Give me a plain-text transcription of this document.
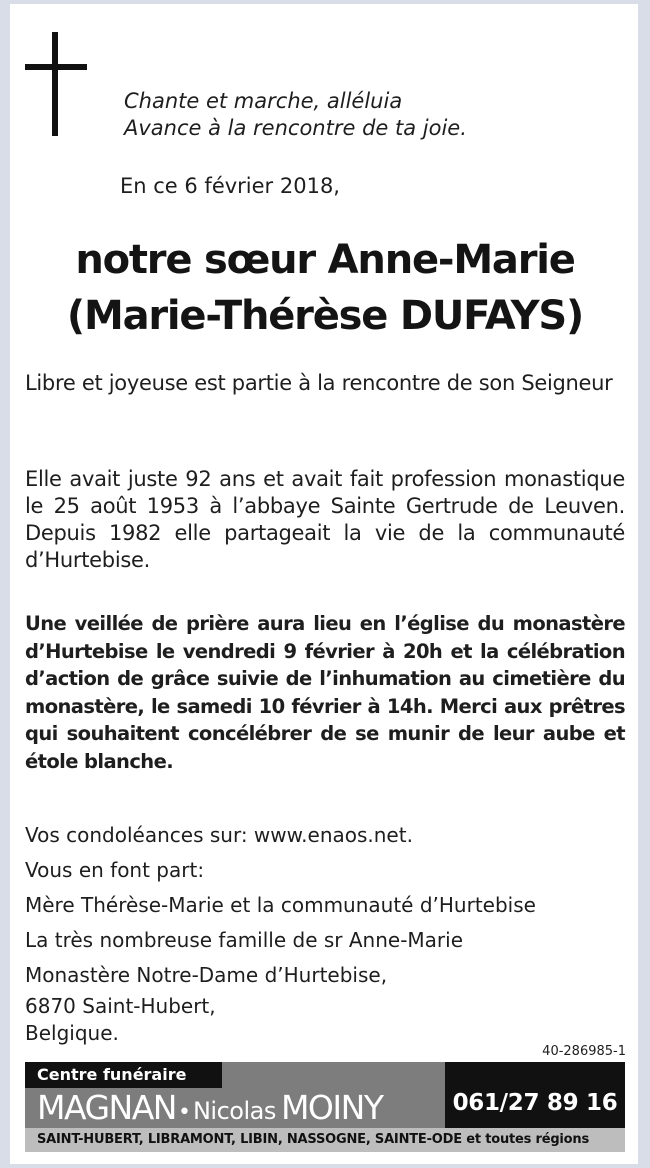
Chante et marche, alléluia
Avance à la rencontre de ta joie.
En ce 6 février 2018,
notre sœur Anne-Marie
(Marie-Thérèse DUFAYS)
Libre et joyeuse est partie à la rencontre de son Seigneur
Elle avait juste 92 ans et avait fait profession monastique le 25 août 1953 à l’abbaye Sainte Gertrude de Leuven. Depuis 1982 elle partageait la vie de la communauté d’Hurtebise.
Une veillée de prière aura lieu en l’église du monastère d’Hurtebise le vendredi 9 février à 20h et la célébration d’action de grâce suivie de l’inhumation au cimetière du monastère, le samedi 10 février à 14h. Merci aux prêtres qui souhaitent concélébrer de se munir de leur aube et étole blanche.
Vos condoléances sur: www.enaos.net.
Vous en font part:
Mère Thérèse-Marie et la communauté d’Hurtebise
La très nombreuse famille de sr Anne-Marie
Monastère Notre-Dame d’Hurtebise,
6870 Saint-Hubert,
Belgique.
40-286985-1
Centre funéraire
MAGNAN•Nicolas MOINY	061/27 89 16
SAINT-HUBERT, LIBRAMONT, LIBIN, NASSOGNE, SAINTE-ODE et toutes régions
